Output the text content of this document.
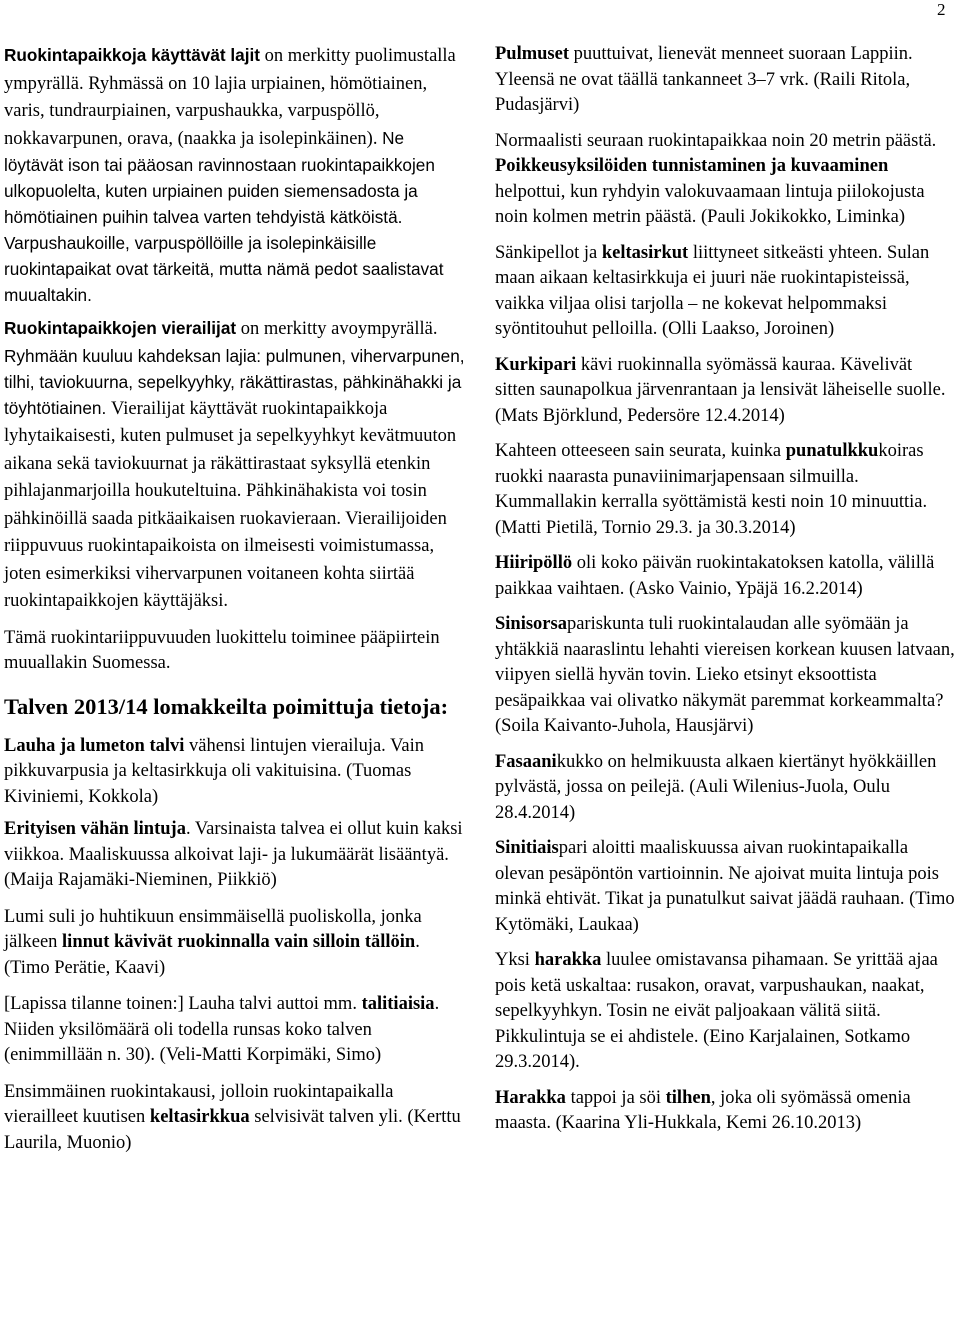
2

Ruokintapaikkoja käyttävät lajit on merkitty puolimustalla ympyrällä. Ryhmässä on 10 lajia urpiainen, hömötiainen, varis, tundraurpiainen, varpushaukka, varpuspöllö, nokkavarpunen, orava, (naakka ja isolepinkäinen). Ne löytävät ison tai pääosan ravinnostaan ruokintapaikkojen ulkopuolelta, kuten urpiainen puiden siemensadosta ja hömötiainen puihin talvea varten tehdyistä kätköistä. Varpushaukoille, varpuspöllöille ja isolepinkäisille ruokintapaikat ovat tärkeitä, mutta nämä pedot saalistavat muualtakin.

Ruokintapaikkojen vierailijat on merkitty avoympyrällä. Ryhmään kuuluu kahdeksan lajia: pulmunen, vihervarpunen, tilhi, taviokuurna, sepelkyyhky, räkättirastas, pähkinähakki ja töyhtötiainen. Vierailijat käyttävät ruokintapaikkoja lyhytaikaisesti, kuten pulmuset ja sepelkyyhkyt kevätmuuton aikana sekä taviokuurnat ja räkättirastaat syksyllä etenkin pihlajanmarjoilla houkuteltuina. Pähkinähakista voi tosin pähkinöillä saada pitkäaikaisen ruokavieraan. Vierailijoiden riippuvuus ruokintapaikoista on ilmeisesti voimistumassa, joten esimerkiksi vihervarpunen voitaneen kohta siirtää ruokintapaikkojen käyttäjäksi.

Tämä ruokintariippuvuuden luokittelu toiminee pääpiirtein muuallakin Suomessa.

Talven 2013/14 lomakkeilta poimittuja tietoja:

Lauha ja lumeton talvi vähensi lintujen vierailuja. Vain pikkuvarpusia ja keltasirkkuja oli vakituisina. (Tuomas Kiviniemi, Kokkola)

Erityisen vähän lintuja. Varsinaista talvea ei ollut kuin kaksi viikkoa. Maaliskuussa alkoivat laji- ja lukumäärät lisääntyä. (Maija Rajamäki-Nieminen, Piikkiö)

Lumi suli jo huhtikuun ensimmäisellä puoliskolla, jonka jälkeen linnut kävivät ruokinnalla vain silloin tällöin. (Timo Perätie, Kaavi)

[Lapissa tilanne toinen:] Lauha talvi auttoi mm. talitiaisia. Niiden yksilömäärä oli todella runsas koko talven (enimmillään n. 30). (Veli-Matti Korpimäki, Simo)

Ensimmäinen ruokintakausi, jolloin ruokintapaikalla vierailleet kuutisen keltasirkkua selvisivät talven yli. (Kerttu Laurila, Muonio)

Pulmuset puuttuivat, lienevät menneet suoraan Lappiin. Yleensä ne ovat täällä tankanneet 3–7 vrk. (Raili Ritola, Pudasjärvi)

Normaalisti seuraan ruokintapaikkaa noin 20 metrin päästä. Poikkeusyksilöiden tunnistaminen ja kuvaaminen helpottui, kun ryhdyin valokuvaamaan lintuja piilokojusta noin kolmen metrin päästä. (Pauli Jokikokko, Liminka)

Sänkipellot ja keltasirkut liittyneet sitkeästi yhteen. Sulan maan aikaan keltasirkkuja ei juuri näe ruokintapisteissä, vaikka viljaa olisi tarjolla – ne kokevat helpommaksi syöntitouhut pelloilla. (Olli Laakso, Joroinen)

Kurkipari kävi ruokinnalla syömässä kauraa. Kävelivät sitten saunapolkua järvenrantaan ja lensivät läheiselle suolle. (Mats Björklund, Pedersöre 12.4.2014)

Kahteen otteeseen sain seurata, kuinka punatulkkukoiras ruokki naarasta punaviinimarjapensaan silmuilla. Kummallakin kerralla syöttämistä kesti noin 10 minuuttia. (Matti Pietilä, Tornio 29.3. ja 30.3.2014)

Hiiripöllö oli koko päivän ruokintakatoksen katolla, välillä paikkaa vaihtaen. (Asko Vainio, Ypäjä 16.2.2014)

Sinisorsapariskunta tuli ruokintalaudan alle syömään ja yhtäkkiä naaraslintu lehahti viereisen korkean kuusen latvaan, viipyen siellä hyvän tovin. Lieko etsinyt eksoottista pesäpaikkaa vai olivatko näkymät paremmat korkeammalta? (Soila Kaivanto-Juhola, Hausjärvi)

Fasaanikukko on helmikuusta alkaen kiertänyt hyökkäillen pylvästä, jossa on peilejä. (Auli Wilenius-Juola, Oulu 28.4.2014)

Sinitiaispari aloitti maaliskuussa aivan ruokintapaikalla olevan pesäpöntön vartioinnin. Ne ajoivat muita lintuja pois minkä ehtivät. Tikat ja punatulkut saivat jäädä rauhaan. (Timo Kytömäki, Laukaa)

Yksi harakka luulee omistavansa pihamaan. Se yrittää ajaa pois ketä uskaltaa: rusakon, oravat, varpushaukan, naakat, sepelkyyhkyn. Tosin ne eivät paljoakaan välitä siitä. Pikkulintuja se ei ahdistele. (Eino Karjalainen, Sotkamo 29.3.2014).

Harakka tappoi ja söi tilhen, joka oli syömässä omenia maasta. (Kaarina Yli-Hukkala, Kemi 26.10.2013)
